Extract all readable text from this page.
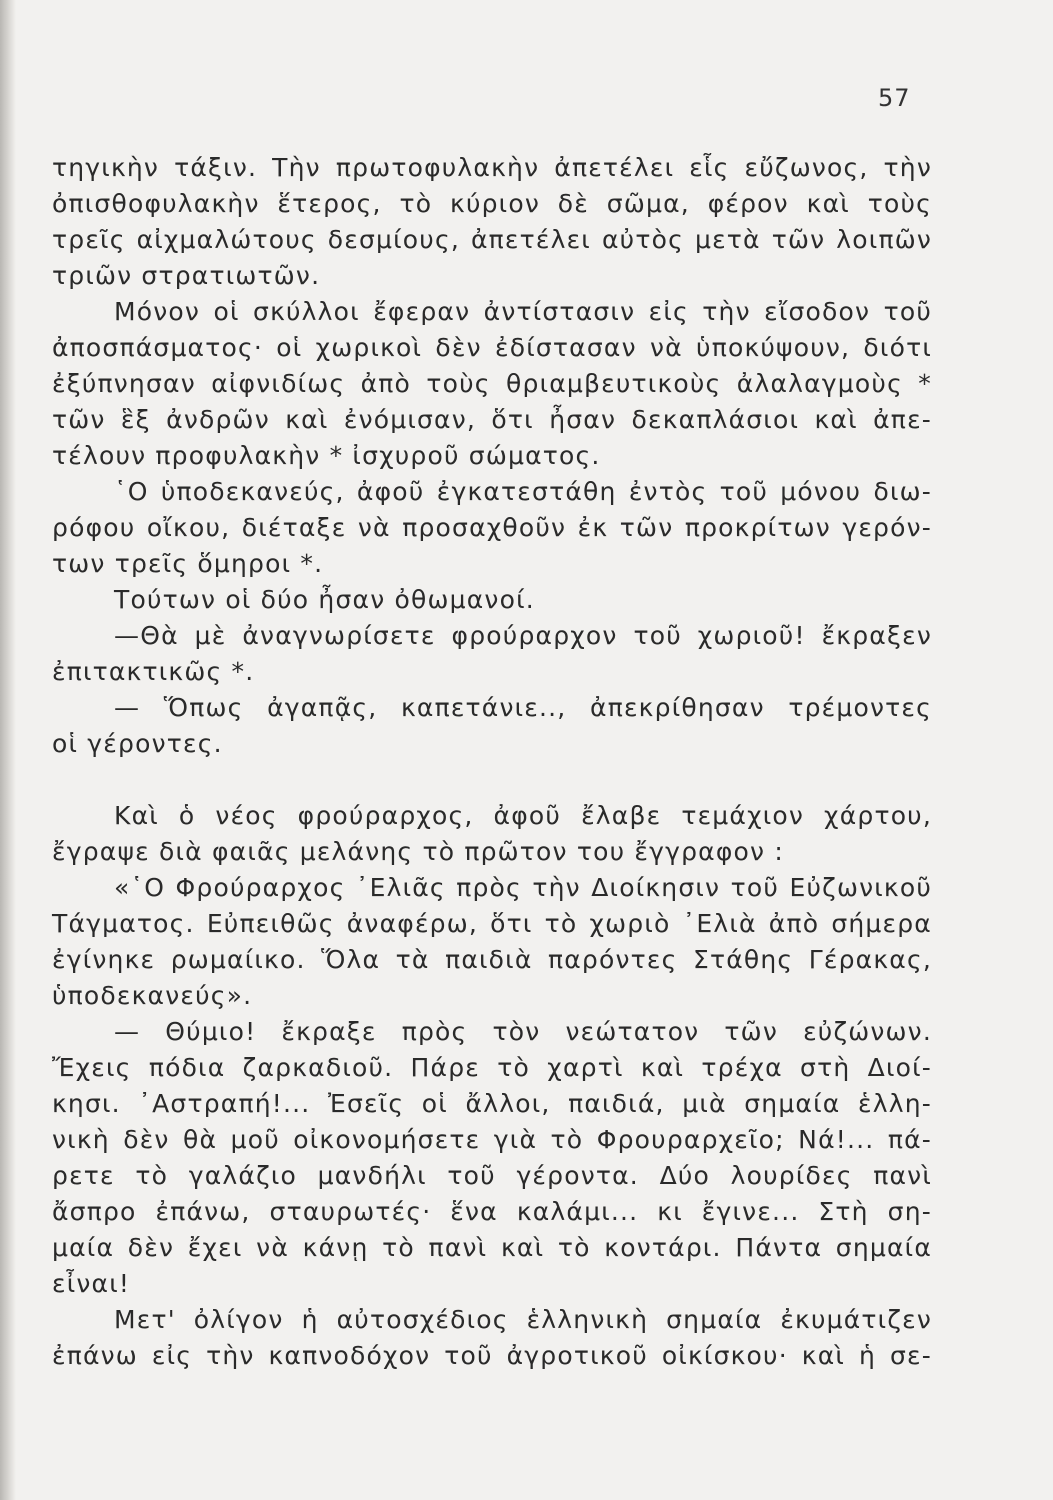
57
τηγικὴν τάξιν. Τὴν πρωτοφυλακὴν ἀπετέλει εἷς εὔζωνος, τὴν
ὀπισθοφυλακὴν ἕτερος, τὸ κύριον δὲ σῶμα, φέρον καὶ τοὺς
τρεῖς αἰχμαλώτους δεσμίους, ἀπετέλει αὐτὸς μετὰ τῶν λοιπῶν
τριῶν στρατιωτῶν.
Μόνον οἱ σκύλλοι ἔφεραν ἀντίστασιν εἰς τὴν εἴσοδον τοῦ
ἀποσπάσματος· οἱ χωρικοὶ δὲν ἐδίστασαν νὰ ὑποκύψουν, διότι
ἐξύπνησαν αἰφνιδίως ἀπὸ τοὺς θριαμβευτικοὺς ἀλαλαγμοὺς *
τῶν ἓξ ἀνδρῶν καὶ ἐνόμισαν, ὅτι ἦσαν δεκαπλάσιοι καὶ ἀπε-
τέλουν προφυλακὴν * ἰσχυροῦ σώματος.
῾Ο ὑποδεκανεύς, ἀφοῦ ἐγκατεστάθη ἐντὸς τοῦ μόνου διω-
ρόφου οἴκου, διέταξε νὰ προσαχθοῦν ἐκ τῶν προκρίτων γερόν-
των τρεῖς ὅμηροι *.
Τούτων οἱ δύο ἦσαν ὀθωμανοί.
—Θὰ μὲ ἀναγνωρίσετε φρούραρχον τοῦ χωριοῦ! ἔκραξεν
ἐπιτακτικῶς *.
— Ὅπως ἀγαπᾷς, καπετάνιε.., ἀπεκρίθησαν τρέμοντες
οἱ γέροντες.
Καὶ ὁ νέος φρούραρχος, ἀφοῦ ἔλαβε τεμάχιον χάρτου,
ἔγραψε διὰ φαιᾶς μελάνης τὸ πρῶτον του ἔγγραφον :
«῾Ο Φρούραρχος ᾿Ελιᾶς πρὸς τὴν Διοίκησιν τοῦ Εὐζωνικοῦ
Τάγματος. Εὐπειθῶς ἀναφέρω, ὅτι τὸ χωριὸ ᾿Ελιὰ ἀπὸ σήμερα
ἐγίνηκε ρωμαίικο. Ὅλα τὰ παιδιὰ παρόντες Στάθης Γέρακας,
ὑποδεκανεύς».
— Θύμιο! ἔκραξε πρὸς τὸν νεώτατον τῶν εὐζώνων.
Ἔχεις πόδια ζαρκαδιοῦ. Πάρε τὸ χαρτὶ καὶ τρέχα στὴ Διοί-
κησι. ᾿Αστραπή!... Ἐσεῖς οἱ ἄλλοι, παιδιά, μιὰ σημαία ἑλλη-
νικὴ δὲν θὰ μοῦ οἰκονομήσετε γιὰ τὸ Φρουραρχεῖο; Νά!... πά-
ρετε τὸ γαλάζιο μανδήλι τοῦ γέροντα. Δύο λουρίδες πανὶ
ἄσπρο ἐπάνω, σταυρωτές· ἕνα καλάμι... κι ἔγινε... Στὴ ση-
μαία δὲν ἔχει νὰ κάνῃ τὸ πανὶ καὶ τὸ κοντάρι. Πάντα σημαία
εἶναι!
Μετ' ὀλίγον ἡ αὐτοσχέδιος ἑλληνικὴ σημαία ἐκυμάτιζεν
ἐπάνω εἰς τὴν καπνοδόχον τοῦ ἀγροτικοῦ οἰκίσκου· καὶ ἡ σε-
